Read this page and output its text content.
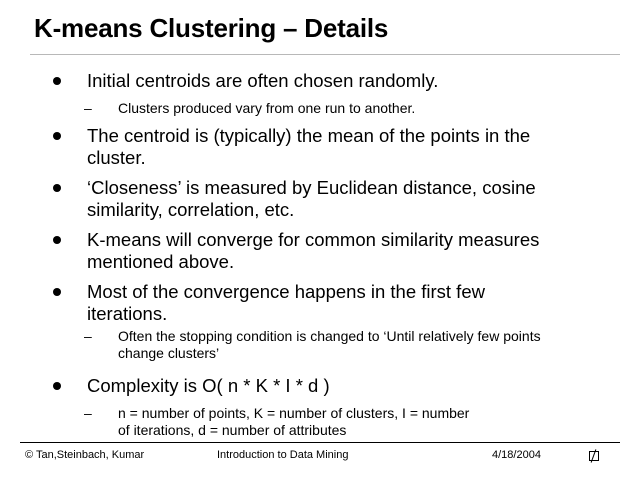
K-means Clustering – Details
Initial centroids are often chosen randomly.
– Clusters produced vary from one run to another.
The centroid is (typically) the mean of the points in the cluster.
‘Closeness’ is measured by Euclidean distance, cosine similarity, correlation, etc.
K-means will converge for common similarity measures mentioned above.
Most of the convergence happens in the first few iterations.
– Often the stopping condition is changed to ‘Until relatively few points change clusters’
Complexity is O( n * K * I * d )
– n = number of points, K = number of clusters, I = number of iterations, d = number of attributes
© Tan,Steinbach, Kumar	Introduction to Data Mining	4/18/2004
